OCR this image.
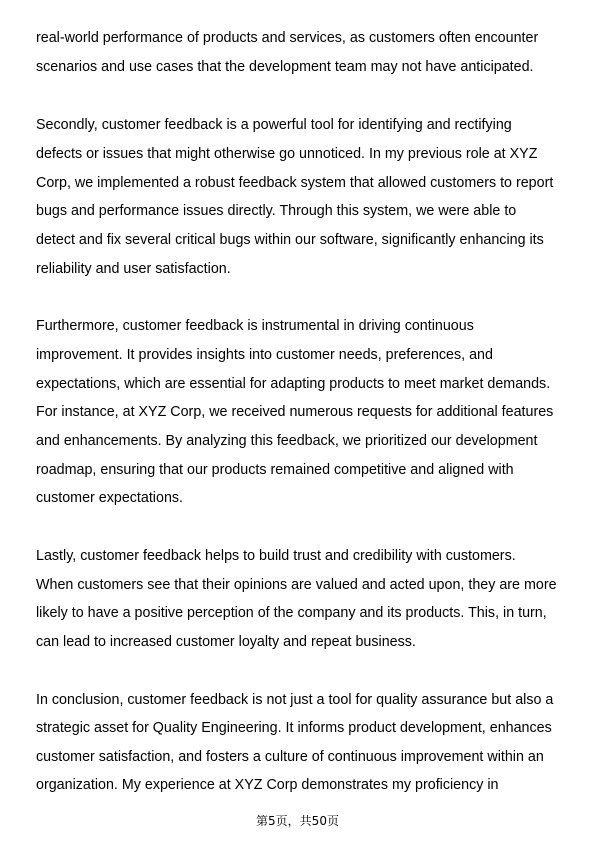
real-world performance of products and services, as customers often encounter
scenarios and use cases that the development team may not have anticipated.
Secondly, customer feedback is a powerful tool for identifying and rectifying
defects or issues that might otherwise go unnoticed. In my previous role at XYZ
Corp, we implemented a robust feedback system that allowed customers to report
bugs and performance issues directly. Through this system, we were able to
detect and fix several critical bugs within our software, significantly enhancing its
reliability and user satisfaction.
Furthermore, customer feedback is instrumental in driving continuous
improvement. It provides insights into customer needs, preferences, and
expectations, which are essential for adapting products to meet market demands.
For instance, at XYZ Corp, we received numerous requests for additional features
and enhancements. By analyzing this feedback, we prioritized our development
roadmap, ensuring that our products remained competitive and aligned with
customer expectations.
Lastly, customer feedback helps to build trust and credibility with customers.
When customers see that their opinions are valued and acted upon, they are more
likely to have a positive perception of the company and its products. This, in turn,
can lead to increased customer loyalty and repeat business.
In conclusion, customer feedback is not just a tool for quality assurance but also a
strategic asset for Quality Engineering. It informs product development, enhances
customer satisfaction, and fosters a culture of continuous improvement within an
organization. My experience at XYZ Corp demonstrates my proficiency in
第5页，共50页
